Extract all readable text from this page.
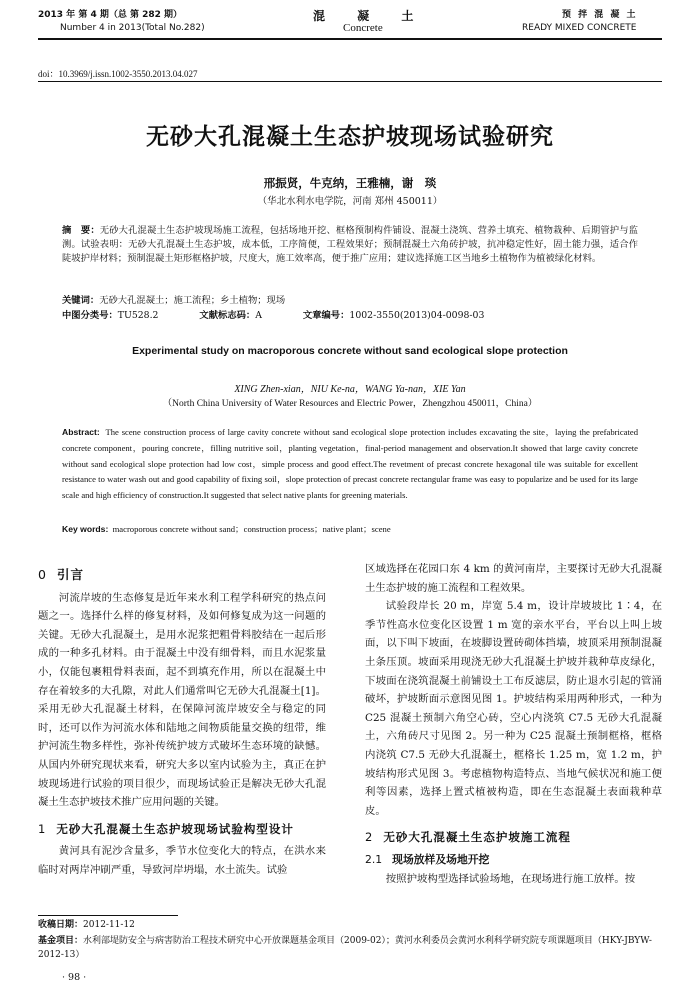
2013 年 第 4 期（总 第 282 期）
Number 4 in 2013(Total No.282)
混 凝 土
Concrete
预 拌 混 凝 土
READY MIXED CONCRETE
doi：10.3969/j.issn.1002-3550.2013.04.027
无砂大孔混凝土生态护坡现场试验研究
邢振贤，牛克纳，王雅楠，谢　琰
（华北水利水电学院，河南 郑州 450011）
摘　要：无砂大孔混凝土生态护坡现场施工流程，包括场地开挖、框格预制构件铺设、混凝土浇筑、营养土填充、植物栽种、后期管护与监测。试验表明：无砂大孔混凝土生态护坡，成本低，工序简便，工程效果好；预制混凝土六角砖护坡，抗冲稳定性好，固土能力强，适合作陡坡护岸材料；预制混凝土矩形框格护坡，尺度大，施工效率高，便于推广应用；建议选择施工区当地乡土植物作为植被绿化材料。
关键词：无砂大孔混凝土；施工流程；乡土植物；现场
中图分类号：TU528.2	文献标志码：A	文章编号：1002-3550(2013)04-0098-03
Experimental study on macroporous concrete without sand ecological slope protection
XING Zhen-xian，NIU Ke-na，WANG Ya-nan，XIE Yan
（North China University of Water Resources and Electric Power，Zhengzhou 450011，China）
Abstract: The scene construction process of large cavity concrete without sand ecological slope protection includes excavating the site，laying the prefabricated concrete component，pouring concrete，filling nutritive soil，planting vegetation，final-period management and observation.It showed that large cavity concrete without sand ecological slope protection had low cost，simple process and good effect.The revetment of precast concrete hexagonal tile was suitable for excellent resistance to water wash out and good capability of fixing soil，slope protection of precast concrete rectangular frame was easy to popularize and be used for its large scale and high efficiency of construction.It suggested that select native plants for greening materials.
Key words: macroporous concrete without sand；construction process；native plant；scene
0 引言

河流岸坡的生态修复是近年来水利工程学科研究的热点问题之一。选择什么样的修复材料，及如何修复成为这一问题的关键。无砂大孔混凝土，是用水泥浆把粗骨料胶结在一起后形成的一种多孔材料。由于混凝土中没有细骨料，而且水泥浆量小，仅能包裹粗骨料表面，起不到填充作用，所以在混凝土中存在着较多的大孔隙，对此人们通常叫它无砂大孔混凝土[1]。采用无砂大孔混凝土材料，在保障河流岸坡安全与稳定的同时，还可以作为河流水体和陆地之间物质能量交换的纽带，维护河流生物多样性，弥补传统护坡方式破坏生态环境的缺憾。从国内外研究现状来看，研究大多以室内试验为主，真正在护坡现场进行试验的项目很少，而现场试验正是解决无砂大孔混凝土生态护坡技术推广应用问题的关键。

1 无砂大孔混凝土生态护坡现场试验构型设计

黄河具有泥沙含量多，季节水位变化大的特点，在洪水来临时对两岸冲刷严重，导致河岸坍塌，水土流失。试验

区域选择在花园口东 4 km 的黄河南岸，主要探讨无砂大孔混凝土生态护坡的施工流程和工程效果。

试验段岸长 20 m，岸宽 5.4 m，设计岸坡坡比 1∶4，在季节性高水位变化区设置 1 m 宽的亲水平台，平台以上叫上坡面，以下叫下坡面，在坡脚设置砖砌体挡墙，坡顶采用预制混凝土条压顶。坡面采用现浇无砂大孔混凝土护坡并栽种草皮绿化，下坡面在浇筑混凝土前铺设土工布反滤层，防止退水引起的管涌破坏，护坡断面示意图见图 1。护坡结构采用两种形式，一种为 C25 混凝土预制六角空心砖，空心内浇筑 C7.5 无砂大孔混凝土，六角砖尺寸见图 2。另一种为 C25 混凝土预制框格，框格内浇筑 C7.5 无砂大孔混凝土，框格长 1.25 m，宽 1.2 m，护坡结构形式见图 3。考虑植物构造特点、当地气候状况和施工便利等因素，选择上置式植被构造，即在生态混凝土表面栽种草皮。

2 无砂大孔混凝土生态护坡施工流程
2.1 现场放样及场地开挖

按照护坡构型选择试验场地，在现场进行施工放样。按

收稿日期：2012-11-12
基金项目：水利部堤防安全与病害防治工程技术研究中心开放课题基金项目（2009-02）；黄河水利委员会黄河水利科学研究院专项课题项目（HKY-JBYW-2012-13）
· 98 ·
